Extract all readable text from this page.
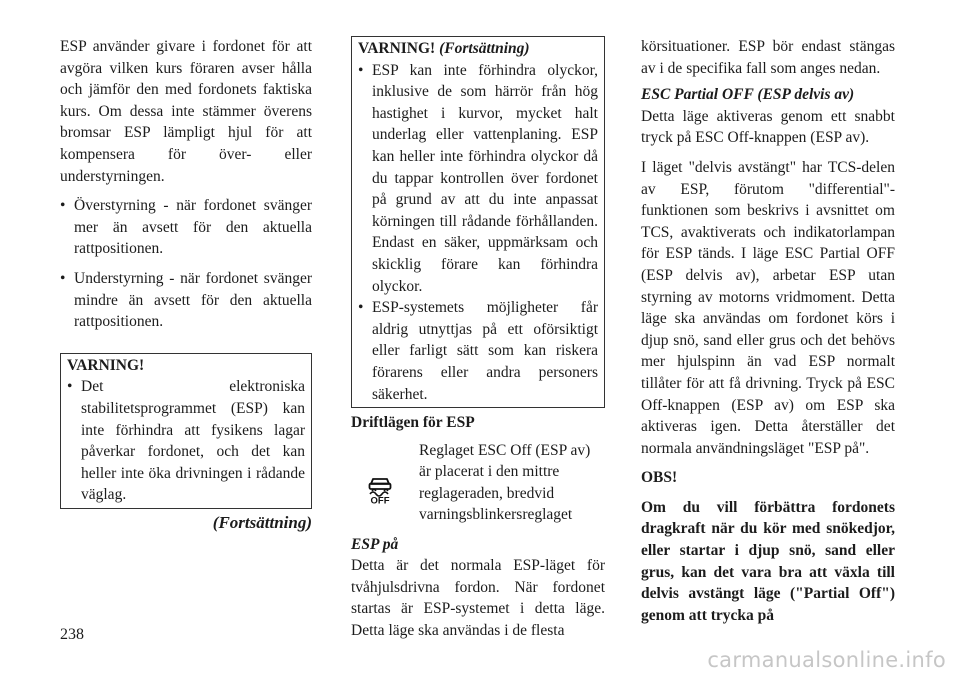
ESP använder givare i fordonet för att avgöra vilken kurs föraren avser hålla och jämför den med fordonets faktiska kurs. Om dessa inte stämmer överens bromsar ESP lämpligt hjul för att kompensera för över- eller understyrningen.

• Överstyrning - när fordonet svänger mer än avsett för den aktuella rattpositionen.
• Understyrning - när fordonet svänger mindre än avsett för den aktuella rattpositionen.
VARNING!
• Det elektroniska stabilitetsprogrammet (ESP) kan inte förhindra att fysikens lagar påverkar fordonet, och det kan heller inte öka drivningen i rådande väglag.
(Fortsättning)
VARNING! (Fortsättning)
• ESP kan inte förhindra olyckor, inklusive de som härrör från hög hastighet i kurvor, mycket halt underlag eller vattenplaning. ESP kan heller inte förhindra olyckor då du tappar kontrollen över fordonet på grund av att du inte anpassat körningen till rådande förhållanden. Endast en säker, uppmärksam och skicklig förare kan förhindra olyckor.
• ESP-systemets möjligheter får aldrig utnyttjas på ett oförsiktigt eller farligt sätt som kan riskera förarens eller andra personers säkerhet.
Driftlägen för ESP
OFF
Reglaget ESC Off (ESP av) är placerat i den mittre reglageraden, bredvid varningsblinkersreglaget
ESP på

Detta är det normala ESP-läget för tvåhjulsdrivna fordon. När fordonet startas är ESP-systemet i detta läge. Detta läge ska användas i de flesta

körsituationer. ESP bör endast stängas av i de specifika fall som anges nedan.

ESC Partial OFF (ESP delvis av)

Detta läge aktiveras genom ett snabbt tryck på ESC Off-knappen (ESP av).

I läget "delvis avstängt" har TCS-delen av ESP, förutom "differential"-funktionen som beskrivs i avsnittet om TCS, avaktiverats och indikatorlampan för ESP tänds. I läge ESC Partial OFF (ESP delvis av), arbetar ESP utan styrning av motorns vridmoment. Detta läge ska användas om fordonet körs i djup snö, sand eller grus och det behövs mer hjulspinn än vad ESP normalt tillåter för att få drivning. Tryck på ESC Off-knappen (ESP av) om ESP ska aktiveras igen. Detta återställer det normala användningsläget "ESP på".

OBS!

Om du vill förbättra fordonets dragkraft när du kör med snökedjor, eller startar i djup snö, sand eller grus, kan det vara bra att växla till delvis avstängt läge ("Partial Off") genom att trycka på

238
carmanualsonline.info
